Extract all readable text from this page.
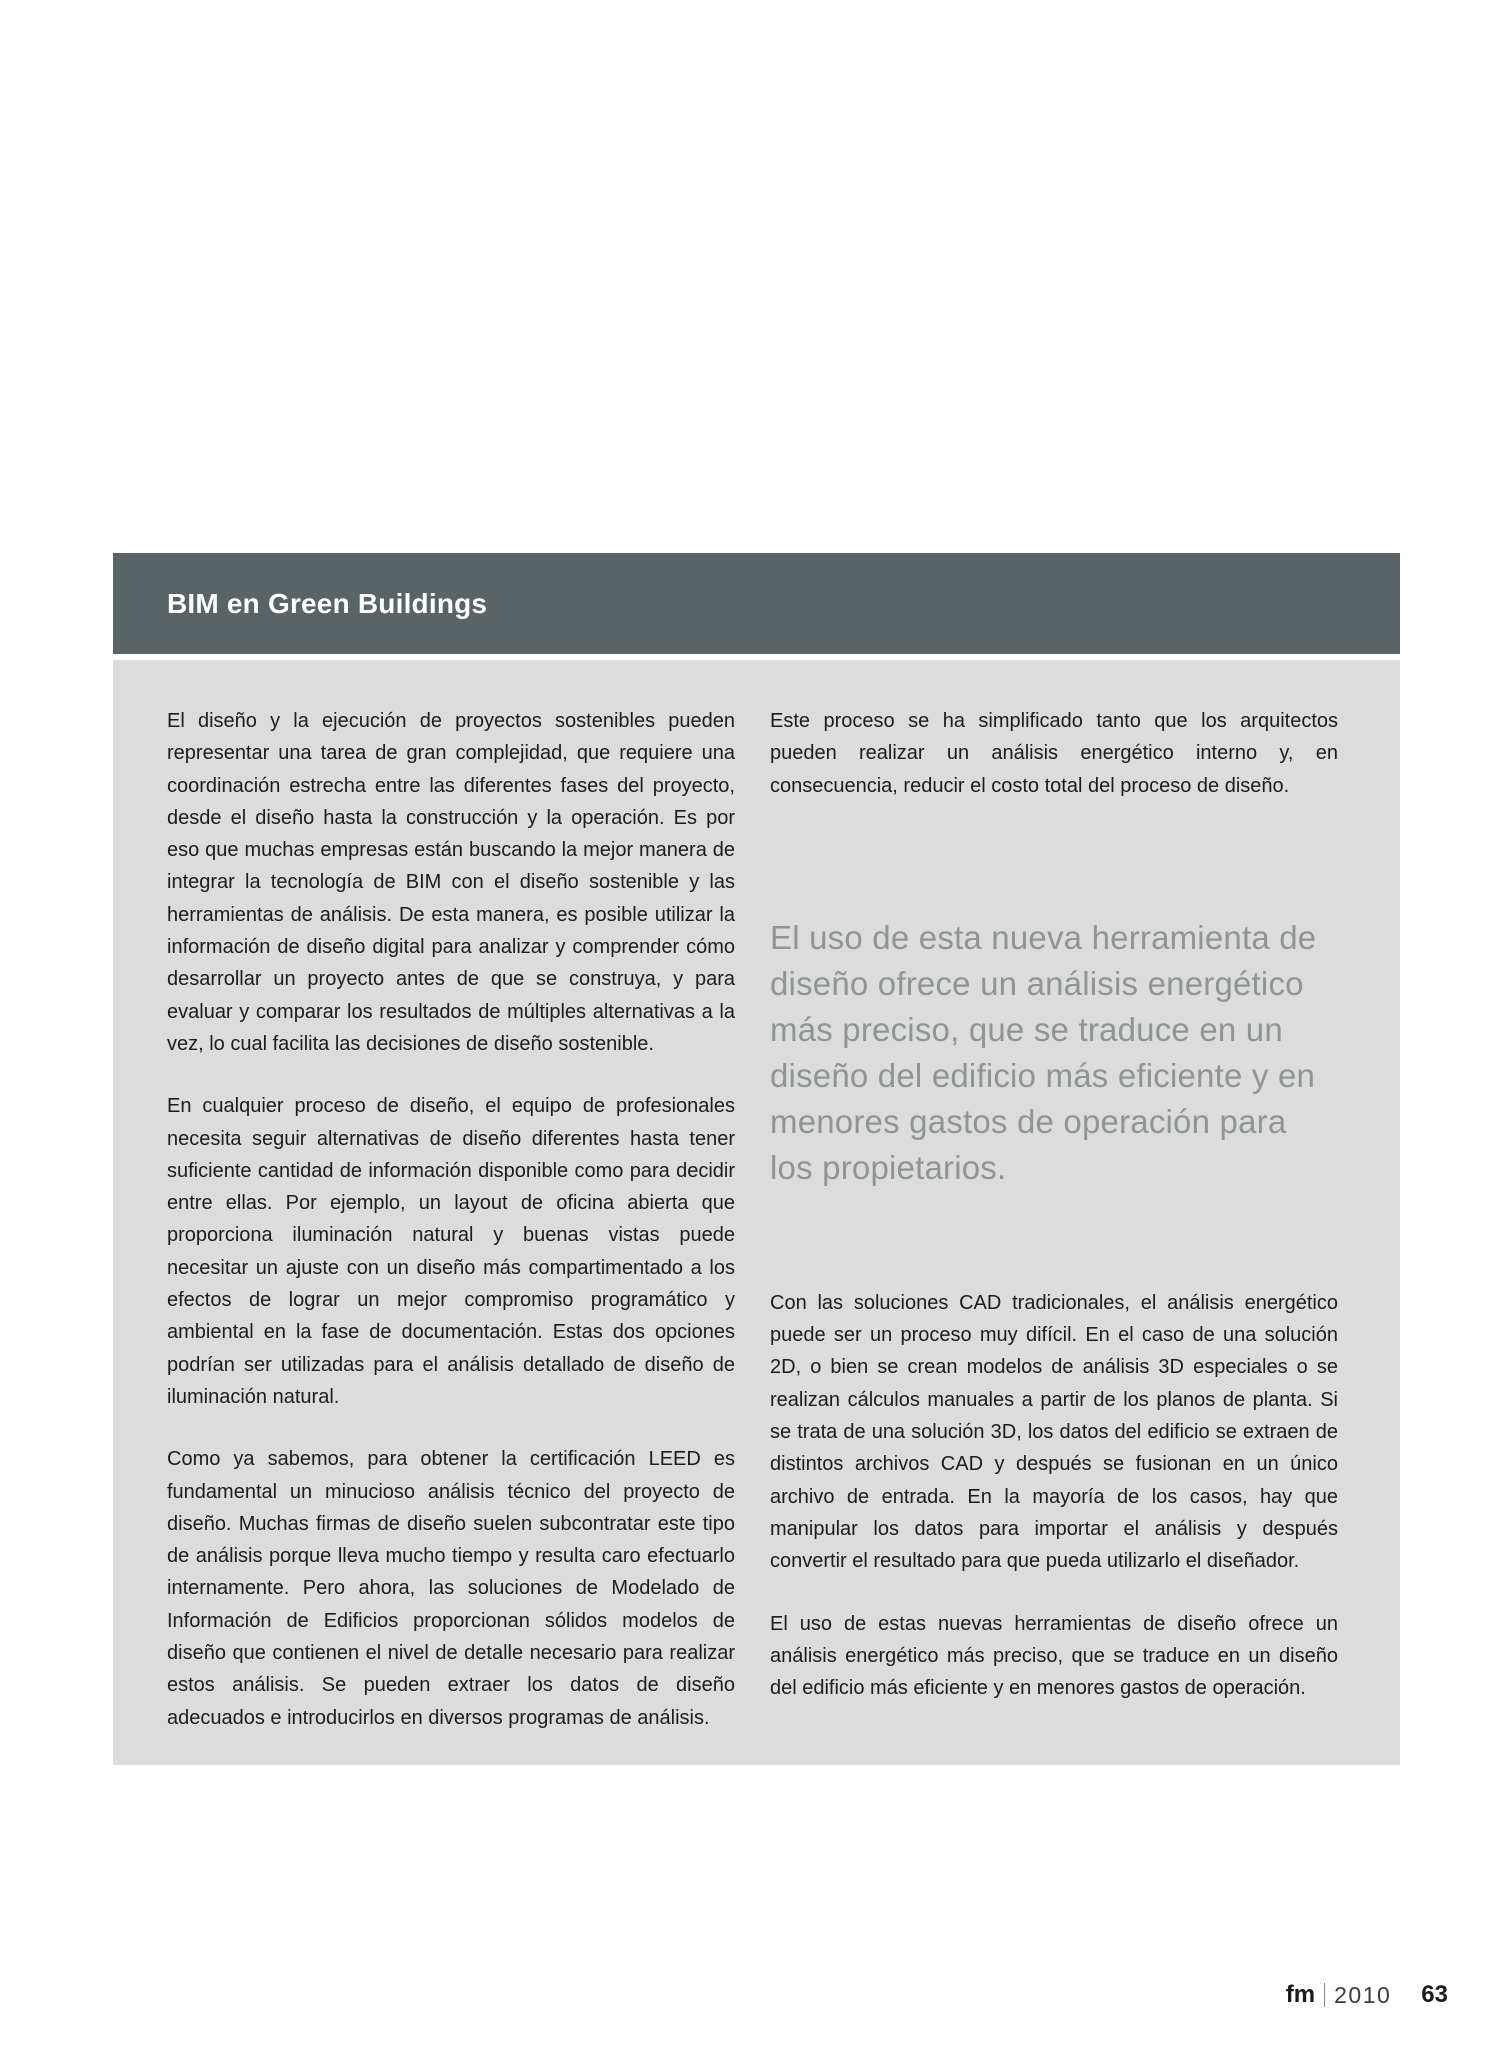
BIM en Green Buildings

El diseño y la ejecución de proyectos sostenibles pueden representar una tarea de gran complejidad, que requiere una coordinación estrecha entre las diferentes fases del proyecto, desde el diseño hasta la construcción y la operación. Es por eso que muchas empresas están buscando la mejor manera de integrar la tecnología de BIM con el diseño sostenible y las herramientas de análisis. De esta manera, es posible utilizar la información de diseño digital para analizar y comprender cómo desarrollar un proyecto antes de que se construya, y para evaluar y comparar los resultados de múltiples alternativas a la vez, lo cual facilita las decisiones de diseño sostenible.

En cualquier proceso de diseño, el equipo de profesionales necesita seguir alternativas de diseño diferentes hasta tener suficiente cantidad de información disponible como para decidir entre ellas. Por ejemplo, un layout de oficina abierta que proporciona iluminación natural y buenas vistas puede necesitar un ajuste con un diseño más compartimentado a los efectos de lograr un mejor compromiso programático y ambiental en la fase de documentación. Estas dos opciones podrían ser utilizadas para el análisis detallado de diseño de iluminación natural.

Como ya sabemos, para obtener la certificación LEED es fundamental un minucioso análisis técnico del proyecto de diseño. Muchas firmas de diseño suelen subcontratar este tipo de análisis porque lleva mucho tiempo y resulta caro efectuarlo internamente. Pero ahora, las soluciones de Modelado de Información de Edificios proporcionan sólidos modelos de diseño que contienen el nivel de detalle necesario para realizar estos análisis. Se pueden extraer los datos de diseño adecuados e introducirlos en diversos programas de análisis.

Este proceso se ha simplificado tanto que los arquitectos pueden realizar un análisis energético interno y, en consecuencia, reducir el costo total del proceso de diseño.

El uso de esta nueva herramienta de diseño ofrece un análisis energético más preciso, que se traduce en un diseño del edificio más eficiente y en menores gastos de operación para los propietarios.

Con las soluciones CAD tradicionales, el análisis energético puede ser un proceso muy difícil. En el caso de una solución 2D, o bien se crean modelos de análisis 3D especiales o se realizan cálculos manuales a partir de los planos de planta. Si se trata de una solución 3D, los datos del edificio se extraen de distintos archivos CAD y después se fusionan en un único archivo de entrada. En la mayoría de los casos, hay que manipular los datos para importar el análisis y después convertir el resultado para que pueda utilizarlo el diseñador.

El uso de estas nuevas herramientas de diseño ofrece un análisis energético más preciso, que se traduce en un diseño del edificio más eficiente y en menores gastos de operación.

fm 2010 63
